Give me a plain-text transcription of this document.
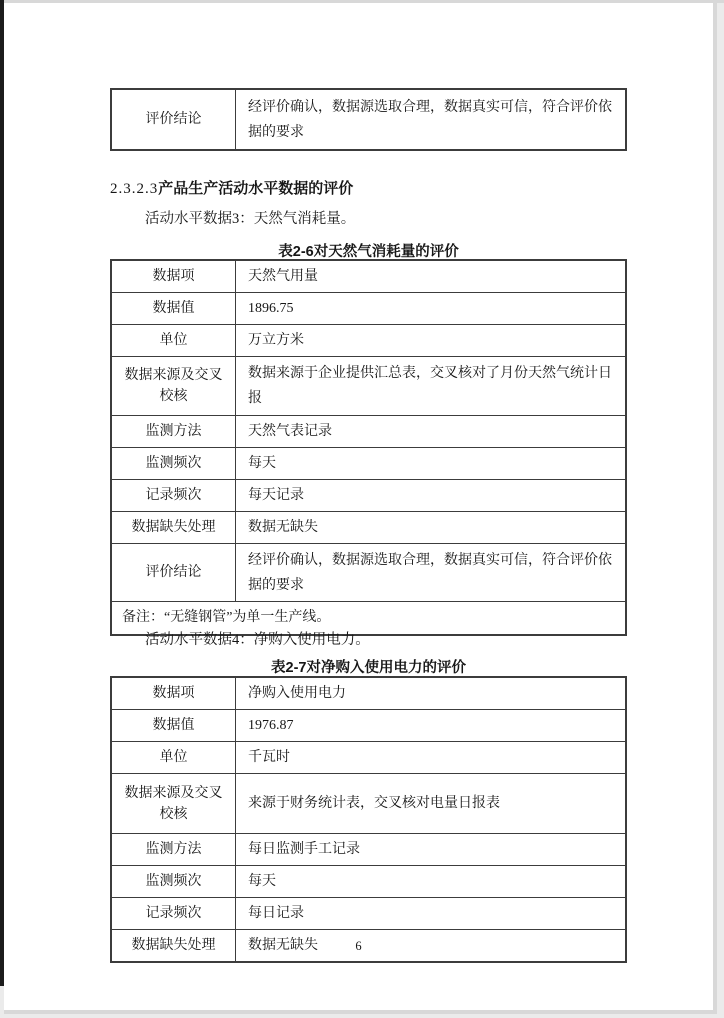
评价结论	经评价确认，数据源选取合理，数据真实可信，符合评价依据的要求
2.3.2.3产品生产活动水平数据的评价
活动水平数据3：天然气消耗量。
表2-6对天然气消耗量的评价
数据项	天然气用量
数据值	1896.75
单位	万立方米
数据来源及交叉校核	数据来源于企业提供汇总表，交叉核对了月份天然气统计日报
监测方法	天然气表记录
监测频次	每天
记录频次	每天记录
数据缺失处理	数据无缺失
评价结论	经评价确认，数据源选取合理，数据真实可信，符合评价依据的要求
备注：“无缝钢管”为单一生产线。	
活动水平数据4：净购入使用电力。
表2-7对净购入使用电力的评价
数据项	净购入使用电力
数据值	1976.87
单位	千瓦时
数据来源及交叉校核	来源于财务统计表，交叉核对电量日报表
监测方法	每日监测手工记录
监测频次	每天
记录频次	每日记录
数据缺失处理	数据无缺失	6
